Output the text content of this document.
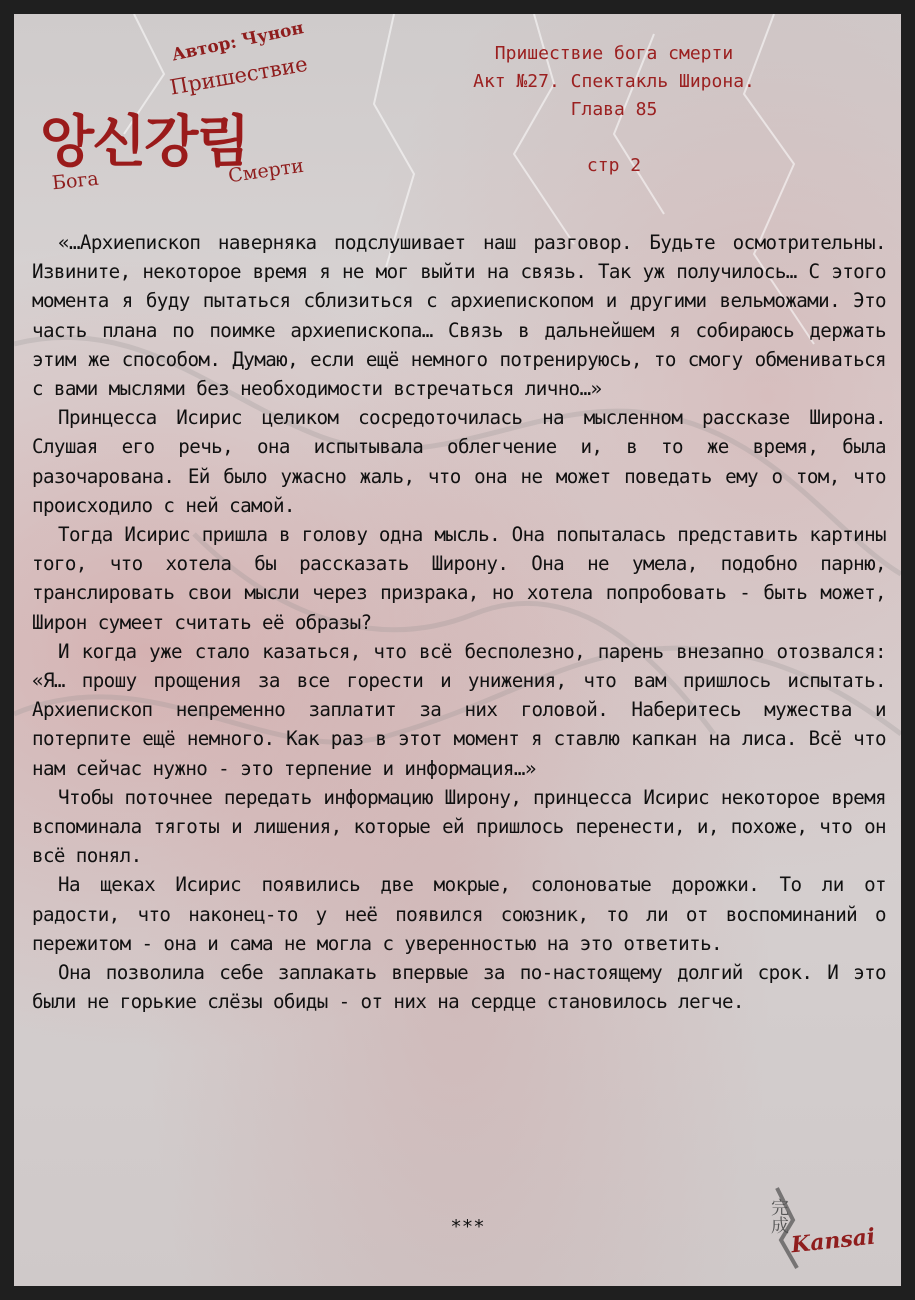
Автор: Чунон
Пришествие
앙신강림
Бога	Смерти
Пришествие бога смерти
Акт №27. Спектакль Широна.
Глава 85
стр 2

«…Архиепископ наверняка подслушивает наш разговор. Будьте осмотрительны. Извините, некоторое время я не мог выйти на связь. Так уж получилось… С этого момента я буду пытаться сблизиться с архиепископом и другими вельможами. Это часть плана по поимке архиепископа… Связь в дальнейшем я собираюсь держать этим же способом. Думаю, если ещё немного потренируюсь, то смогу обмениваться с вами мыслями без необходимости встречаться лично…»

Принцесса Исирис целиком сосредоточилась на мысленном рассказе Широна. Слушая его речь, она испытывала облегчение и, в то же время, была разочарована. Ей было ужасно жаль, что она не может поведать ему о том, что происходило с ней самой.

Тогда Исирис пришла в голову одна мысль. Она попыталась представить картины того, что хотела бы рассказать Широну. Она не умела, подобно парню, транслировать свои мысли через призрака, но хотела попробовать - быть может, Широн сумеет считать её образы?

И когда уже стало казаться, что всё бесполезно, парень внезапно отозвался: «Я… прошу прощения за все горести и унижения, что вам пришлось испытать. Архиепископ непременно заплатит за них головой. Наберитесь мужества и потерпите ещё немного. Как раз в этот момент я ставлю капкан на лиса. Всё что нам сейчас нужно - это терпение и информация…»

Чтобы поточнее передать информацию Широну, принцесса Исирис некоторое время вспоминала тяготы и лишения, которые ей пришлось перенести, и, похоже, что он всё понял.

На щеках Исирис появились две мокрые, солоноватые дорожки. То ли от радости, что наконец-то у неё появился союзник, то ли от воспоминаний о пережитом - она и сама не могла с уверенностью на это ответить.

Она позволила себе заплакать впервые за по-настоящему долгий срок. И это были не горькие слёзы обиды - от них на сердце становилось легче.

***	完成
Kansai
